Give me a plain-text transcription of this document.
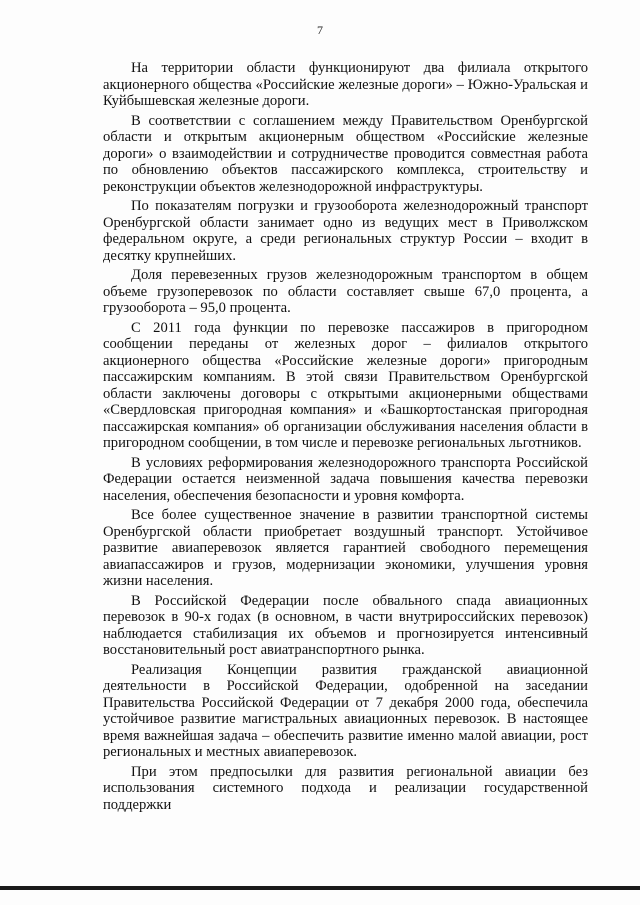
7

На территории области функционируют два филиала открытого акционерного общества «Российские железные дороги» – Южно-Уральская и Куйбышевская железные дороги.

В соответствии с соглашением между Правительством Оренбургской области и открытым акционерным обществом «Российские железные дороги» о взаимодействии и сотрудничестве проводится совместная работа по обновлению объектов пассажирского комплекса, строительству и реконструкции объектов железнодорожной инфраструктуры.

По показателям погрузки и грузооборота железнодорожный транспорт Оренбургской области занимает одно из ведущих мест в Приволжском федеральном округе, а среди региональных структур России – входит в десятку крупнейших.

Доля перевезенных грузов железнодорожным транспортом в общем объеме грузоперевозок по области составляет свыше 67,0 процента, а грузооборота – 95,0 процента.

С 2011 года функции по перевозке пассажиров в пригородном сообщении переданы от железных дорог – филиалов открытого акционерного общества «Российские железные дороги» пригородным пассажирским компаниям. В этой связи Правительством Оренбургской области заключены договоры с открытыми акционерными обществами «Свердловская пригородная компания» и «Башкортостанская пригородная пассажирская компания» об организации обслуживания населения области в пригородном сообщении, в том числе и перевозке региональных льготников.

В условиях реформирования железнодорожного транспорта Российской Федерации остается неизменной задача повышения качества перевозки населения, обеспечения безопасности и уровня комфорта.

Все более существенное значение в развитии транспортной системы Оренбургской области приобретает воздушный транспорт. Устойчивое развитие авиаперевозок является гарантией свободного перемещения авиапассажиров и грузов, модернизации экономики, улучшения уровня жизни населения.

В Российской Федерации после обвального спада авиационных перевозок в 90-х годах (в основном, в части внутрироссийских перевозок) наблюдается стабилизация их объемов и прогнозируется интенсивный восстановительный рост авиатранспортного рынка.

Реализация Концепции развития гражданской авиационной деятельности в Российской Федерации, одобренной на заседании Правительства Российской Федерации от 7 декабря 2000 года, обеспечила устойчивое развитие магистральных авиационных перевозок. В настоящее время важнейшая задача – обеспечить развитие именно малой авиации, рост региональных и местных авиаперевозок.

При этом предпосылки для развития региональной авиации без использования системного подхода и реализации государственной поддержки
